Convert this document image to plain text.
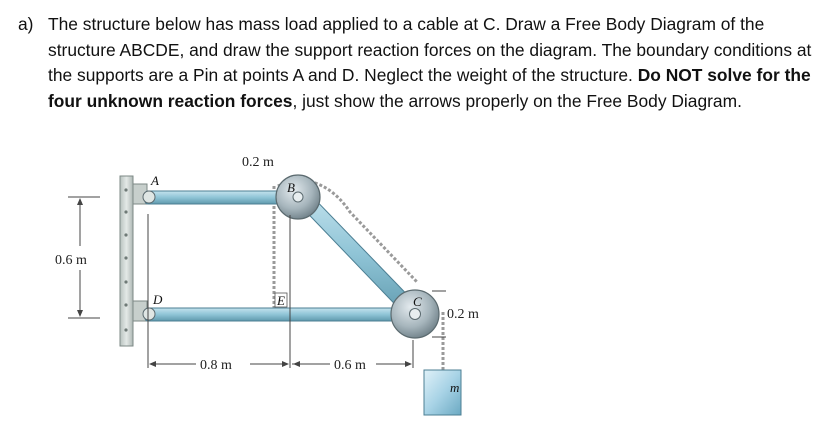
a) The structure below has mass load applied to a cable at C. Draw a Free Body Diagram of the structure ABCDE, and draw the support reaction forces on the diagram. The boundary conditions at the supports are a Pin at points A and D. Neglect the weight of the structure. Do NOT solve for the four unknown reaction forces, just show the arrows properly on the Free Body Diagram.
A	B
C
D	E
m
0.2 m
0.6 m
0.8 m	0.6 m
0.2 m
